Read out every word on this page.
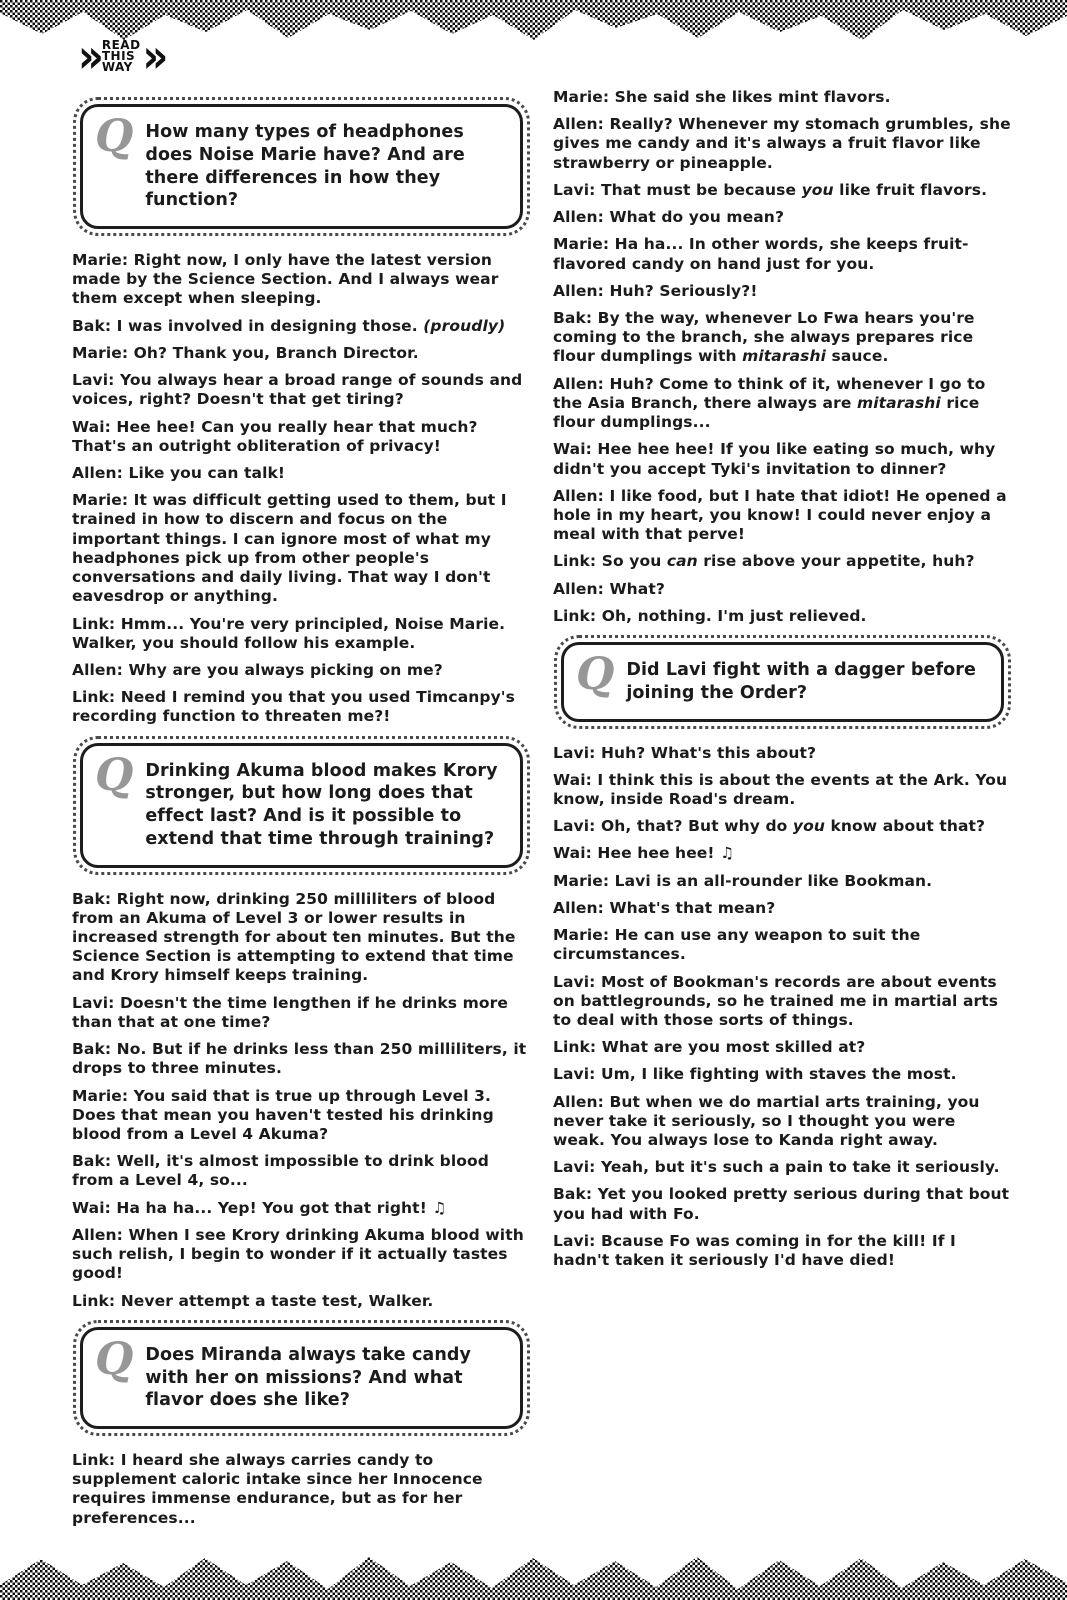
» READ
THIS
WAY »
Q How many types of headphones does Noise Marie have? And are there differences in how they function?

Marie: Right now, I only have the latest version made by the Science Section. And I always wear them except when sleeping.

Bak: I was involved in designing those. (proudly)

Marie: Oh? Thank you, Branch Director.

Lavi: You always hear a broad range of sounds and voices, right? Doesn't that get tiring?

Wai: Hee hee! Can you really hear that much? That's an outright obliteration of privacy!

Allen: Like you can talk!

Marie: It was difficult getting used to them, but I trained in how to discern and focus on the important things. I can ignore most of what my headphones pick up from other people's conversations and daily living. That way I don't eavesdrop or anything.

Link: Hmm... You're very principled, Noise Marie. Walker, you should follow his example.

Allen: Why are you always picking on me?

Link: Need I remind you that you used Timcanpy's recording function to threaten me?!

Q Drinking Akuma blood makes Krory stronger, but how long does that effect last? And is it possible to extend that time through training?

Bak: Right now, drinking 250 milliliters of blood from an Akuma of Level 3 or lower results in increased strength for about ten minutes. But the Science Section is attempting to extend that time and Krory himself keeps training.

Lavi: Doesn't the time lengthen if he drinks more than that at one time?

Bak: No. But if he drinks less than 250 milliliters, it drops to three minutes.

Marie: You said that is true up through Level 3. Does that mean you haven't tested his drinking blood from a Level 4 Akuma?

Bak: Well, it's almost impossible to drink blood from a Level 4, so...

Wai: Ha ha ha... Yep! You got that right! ♫

Allen: When I see Krory drinking Akuma blood with such relish, I begin to wonder if it actually tastes good!

Link: Never attempt a taste test, Walker.

Q Does Miranda always take candy with her on missions? And what flavor does she like?

Link: I heard she always carries candy to supplement caloric intake since her Innocence requires immense endurance, but as for her preferences...

Marie: She said she likes mint flavors.

Allen: Really? Whenever my stomach grumbles, she gives me candy and it's always a fruit flavor like strawberry or pineapple.

Lavi: That must be because you like fruit flavors.

Allen: What do you mean?

Marie: Ha ha... In other words, she keeps fruit-flavored candy on hand just for you.

Allen: Huh? Seriously?!

Bak: By the way, whenever Lo Fwa hears you're coming to the branch, she always prepares rice flour dumplings with mitarashi sauce.

Allen: Huh? Come to think of it, whenever I go to the Asia Branch, there always are mitarashi rice flour dumplings...

Wai: Hee hee hee! If you like eating so much, why didn't you accept Tyki's invitation to dinner?

Allen: I like food, but I hate that idiot! He opened a hole in my heart, you know! I could never enjoy a meal with that perve!

Link: So you can rise above your appetite, huh?

Allen: What?

Link: Oh, nothing. I'm just relieved.

Q Did Lavi fight with a dagger before joining the Order?

Lavi: Huh? What's this about?

Wai: I think this is about the events at the Ark. You know, inside Road's dream.

Lavi: Oh, that? But why do you know about that?

Wai: Hee hee hee! ♫

Marie: Lavi is an all-rounder like Bookman.

Allen: What's that mean?

Marie: He can use any weapon to suit the circumstances.

Lavi: Most of Bookman's records are about events on battlegrounds, so he trained me in martial arts to deal with those sorts of things.

Link: What are you most skilled at?

Lavi: Um, I like fighting with staves the most.

Allen: But when we do martial arts training, you never take it seriously, so I thought you were weak. You always lose to Kanda right away.

Lavi: Yeah, but it's such a pain to take it seriously.

Bak: Yet you looked pretty serious during that bout you had with Fo.

Lavi: Bcause Fo was coming in for the kill! If I hadn't taken it seriously I'd have died!
